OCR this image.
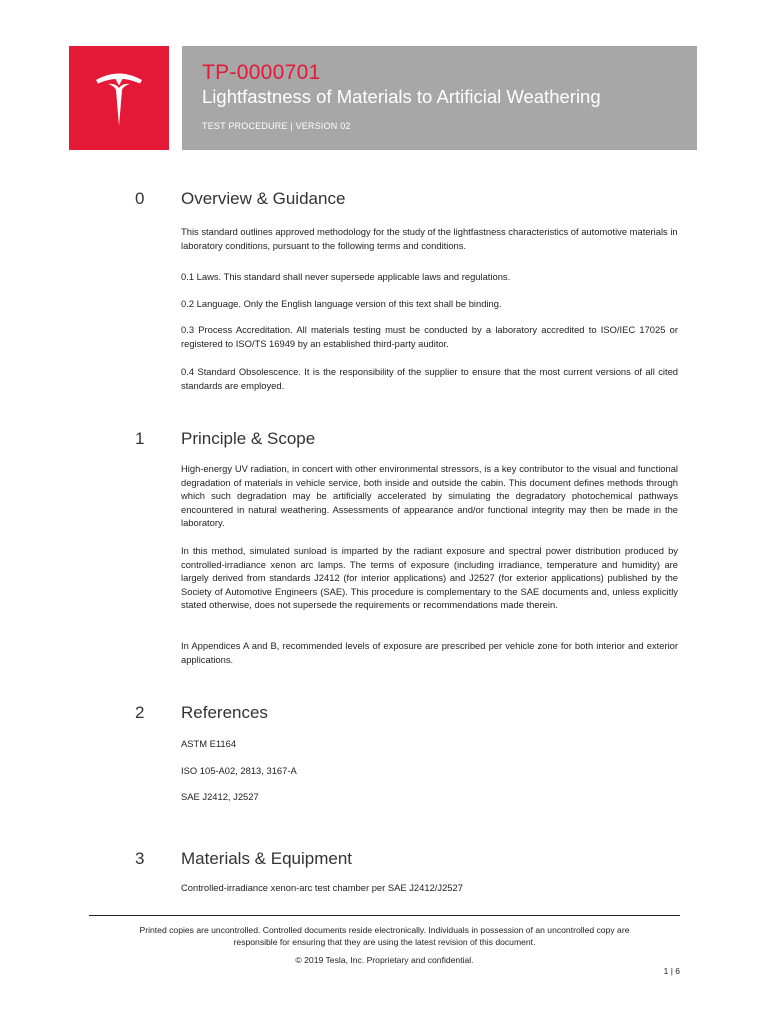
TP-0000701
Lightfastness of Materials to Artificial Weathering
TEST PROCEDURE | VERSION 02
0 Overview & Guidance
This standard outlines approved methodology for the study of the lightfastness characteristics of automotive materials in laboratory conditions, pursuant to the following terms and conditions.
0.1 Laws. This standard shall never supersede applicable laws and regulations.
0.2 Language. Only the English language version of this text shall be binding.
0.3 Process Accreditation. All materials testing must be conducted by a laboratory accredited to ISO/IEC 17025 or registered to ISO/TS 16949 by an established third-party auditor.
0.4 Standard Obsolescence. It is the responsibility of the supplier to ensure that the most current versions of all cited standards are employed.
1 Principle & Scope
High-energy UV radiation, in concert with other environmental stressors, is a key contributor to the visual and functional degradation of materials in vehicle service, both inside and outside the cabin. This document defines methods through which such degradation may be artificially accelerated by simulating the degradatory photochemical pathways encountered in natural weathering. Assessments of appearance and/or functional integrity may then be made in the laboratory.
In this method, simulated sunload is imparted by the radiant exposure and spectral power distribution produced by controlled-irradiance xenon arc lamps. The terms of exposure (including irradiance, temperature and humidity) are largely derived from standards J2412 (for interior applications) and J2527 (for exterior applications) published by the Society of Automotive Engineers (SAE). This procedure is complementary to the SAE documents and, unless explicitly stated otherwise, does not supersede the requirements or recommendations made therein.
In Appendices A and B, recommended levels of exposure are prescribed per vehicle zone for both interior and exterior applications.
2 References
ASTM E1164
ISO 105-A02, 2813, 3167-A
SAE J2412, J2527
3 Materials & Equipment
Controlled-irradiance xenon-arc test chamber per SAE J2412/J2527
Printed copies are uncontrolled. Controlled documents reside electronically. Individuals in possession of an uncontrolled copy are
responsible for ensuring that they are using the latest revision of this document.
© 2019 Tesla, Inc. Proprietary and confidential.
1 | 6
